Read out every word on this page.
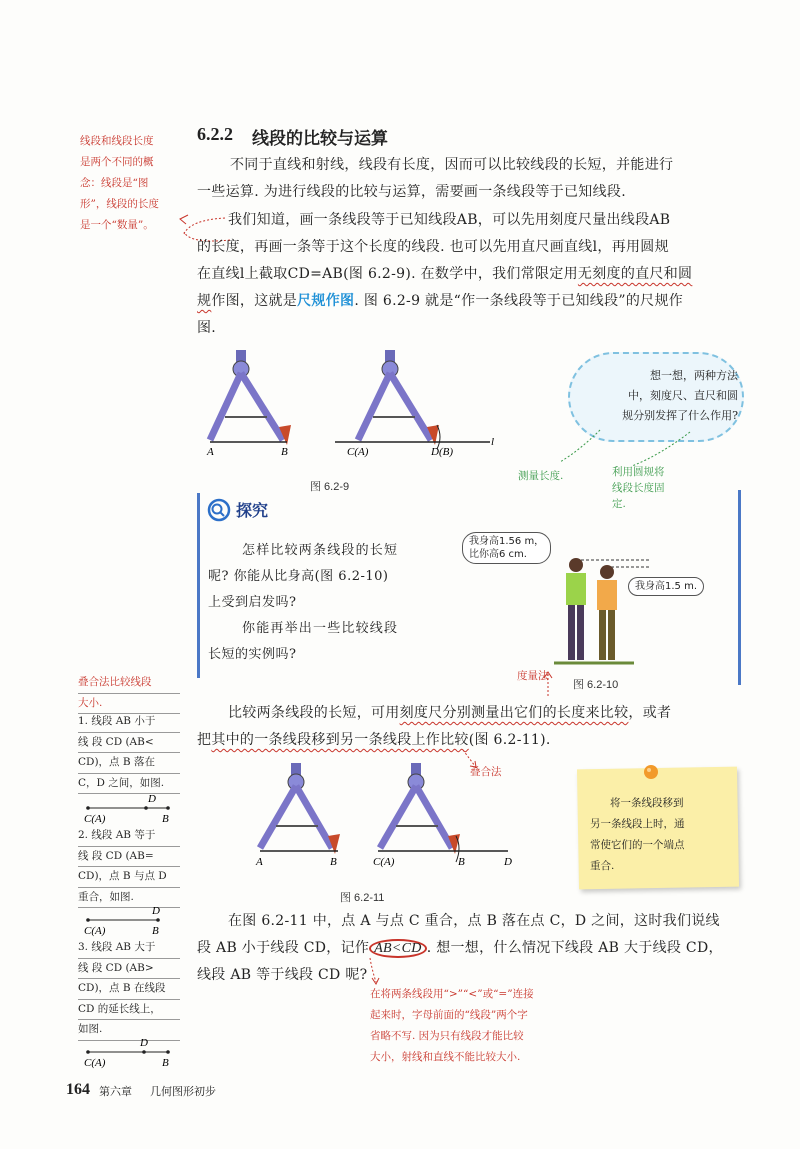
6.2.2 线段的比较与运算
线段和线段长度
是两个不同的概
念：线段是“图
形”，线段的长度
是一个“数量”。
不同于直线和射线，线段有长度，因而可以比较线段的长短，并能进行
一些运算. 为进行线段的比较与运算，需要画一条线段等于已知线段.
我们知道，画一条线段等于已知线段AB，可以先用刻度尺量出线段AB
的长度，再画一条等于这个长度的线段. 也可以先用直尺画直线l，再用圆规
在直线l上截取CD=AB(图 6.2-9). 在数学中，我们常限定用无刻度的直尺和圆
规作图，这就是尺规作图. 图 6.2-9 就是“作一条线段等于已知线段”的尺规作
图.
A	B	C(A)	D(B)
l
图 6.2-9
想一想，两种方法
中，刻度尺、直尺和圆
规分别发挥了什么作用?
测量长度.	利用圆规将
线段长度固
定.
探究
怎样比较两条线段的长短
呢? 你能从比身高(图 6.2-10)
上受到启发吗?
你能再举出一些比较线段
长短的实例吗?
我身高1.56 m，
比你高6 cm.
我身高1.5 m.
图 6.2-10
度量法
叠合法比较线段
大小.
1. 线段 AB 小于
线 段 CD (AB<
CD)，点 B 落在
C，D 之间，如图.
D
C(A)	B
2. 线段 AB 等于
线 段 CD (AB=
CD)，点 B 与点 D
重合，如图.
D
C(A)	B
3. 线段 AB 大于
线 段 CD (AB>
CD)，点 B 在线段
CD 的延长线上，
如图.
D
C(A)	B
比较两条线段的长短，可用刻度尺分别测量出它们的长度来比较，或者
把其中的一条线段移到另一条线段上作比较(图 6.2-11).
叠合法
A	B	C(A)	B	D
图 6.2-11
将一条线段移到
另一条线段上时，通
常使它们的一个端点
重合.
在图 6.2-11 中，点 A 与点 C 重合，点 B 落在点 C，D 之间，这时我们说线
段 AB 小于线段 CD，记作 AB<CD . 想一想，什么情况下线段 AB 大于线段 CD，
线段 AB 等于线段 CD 呢?
在将两条线段用“>”“<”或“=”连接
起来时，字母前面的“线段”两个字
省略不写. 因为只有线段才能比较
大小，射线和直线不能比较大小.
164 第六章 几何图形初步
